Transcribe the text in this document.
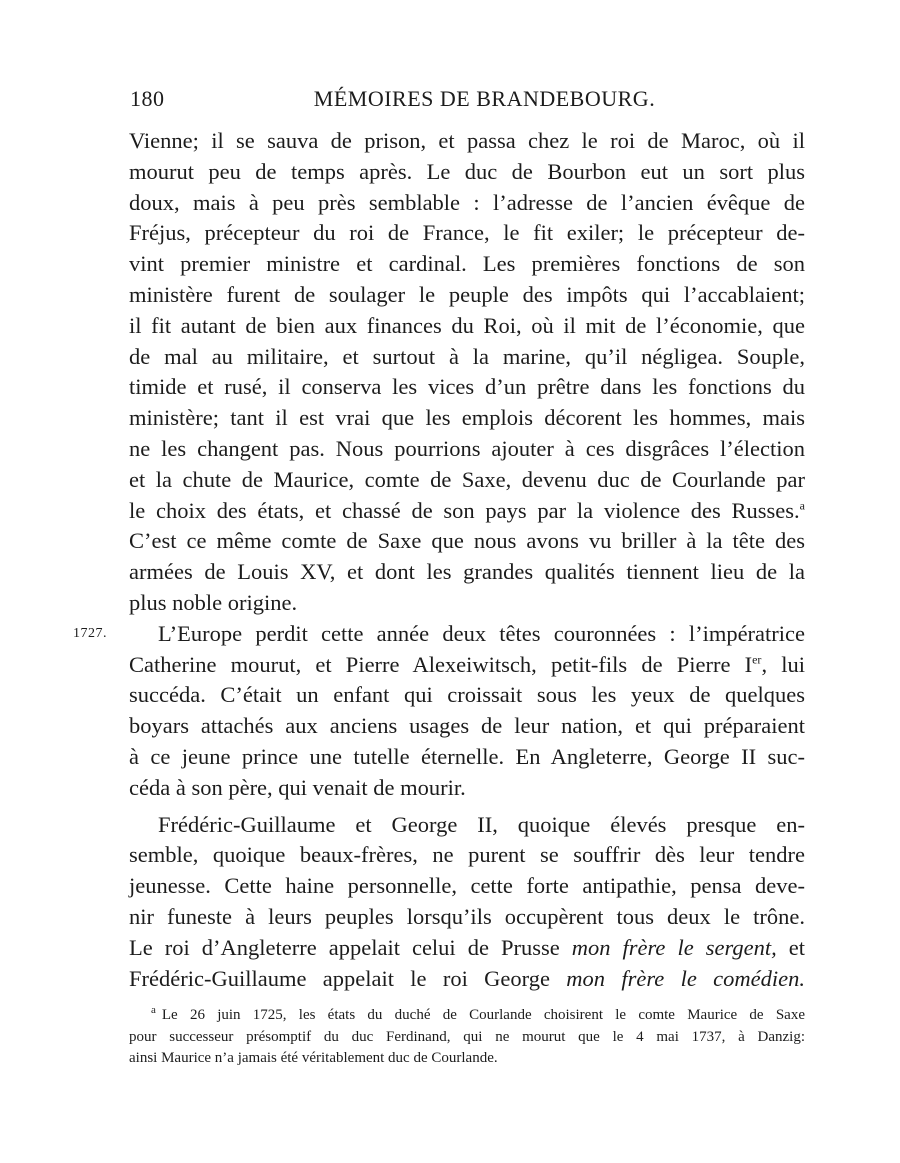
180	MÉMOIRES DE BRANDEBOURG.
1727.
Vienne; il se sauva de prison, et passa chez le roi de Maroc, où il
mourut peu de temps après. Le duc de Bourbon eut un sort plus
doux, mais à peu près semblable : l’adresse de l’ancien évêque de
Fréjus, précepteur du roi de France, le fit exiler; le précepteur de-
vint premier ministre et cardinal. Les premières fonctions de son
ministère furent de soulager le peuple des impôts qui l’accablaient;
il fit autant de bien aux finances du Roi, où il mit de l’économie, que
de mal au militaire, et surtout à la marine, qu’il négligea. Souple,
timide et rusé, il conserva les vices d’un prêtre dans les fonctions du
ministère; tant il est vrai que les emplois décorent les hommes, mais
ne les changent pas. Nous pourrions ajouter à ces disgrâces l’élection
et la chute de Maurice, comte de Saxe, devenu duc de Courlande par
le choix des états, et chassé de son pays par la violence des Russes.$^a$
C’est ce même comte de Saxe que nous avons vu briller à la tête des
armées de Louis XV, et dont les grandes qualités tiennent lieu de la
plus noble origine.
L’Europe perdit cette année deux têtes couronnées : l’impératrice
Catherine mourut, et Pierre Alexeiwitsch, petit-fils de Pierre Ier, lui
succéda. C’était un enfant qui croissait sous les yeux de quelques
boyars attachés aux anciens usages de leur nation, et qui préparaient
à ce jeune prince une tutelle éternelle. En Angleterre, George II suc-
céda à son père, qui venait de mourir.
Frédéric-Guillaume et George II, quoique élevés presque en-
semble, quoique beaux-frères, ne purent se souffrir dès leur tendre
jeunesse. Cette haine personnelle, cette forte antipathie, pensa deve-
nir funeste à leurs peuples lorsqu’ils occupèrent tous deux le trône.
Le roi d’Angleterre appelait celui de Prusse mon frère le sergent, et
Frédéric-Guillaume appelait le roi George mon frère le comédien.
$^a$ Le 26 juin 1725, les états du duché de Courlande choisirent le comte Maurice de Saxe
pour successeur présomptif du duc Ferdinand, qui ne mourut que le 4 mai 1737, à Danzig:
ainsi Maurice n’a jamais été véritablement duc de Courlande.
